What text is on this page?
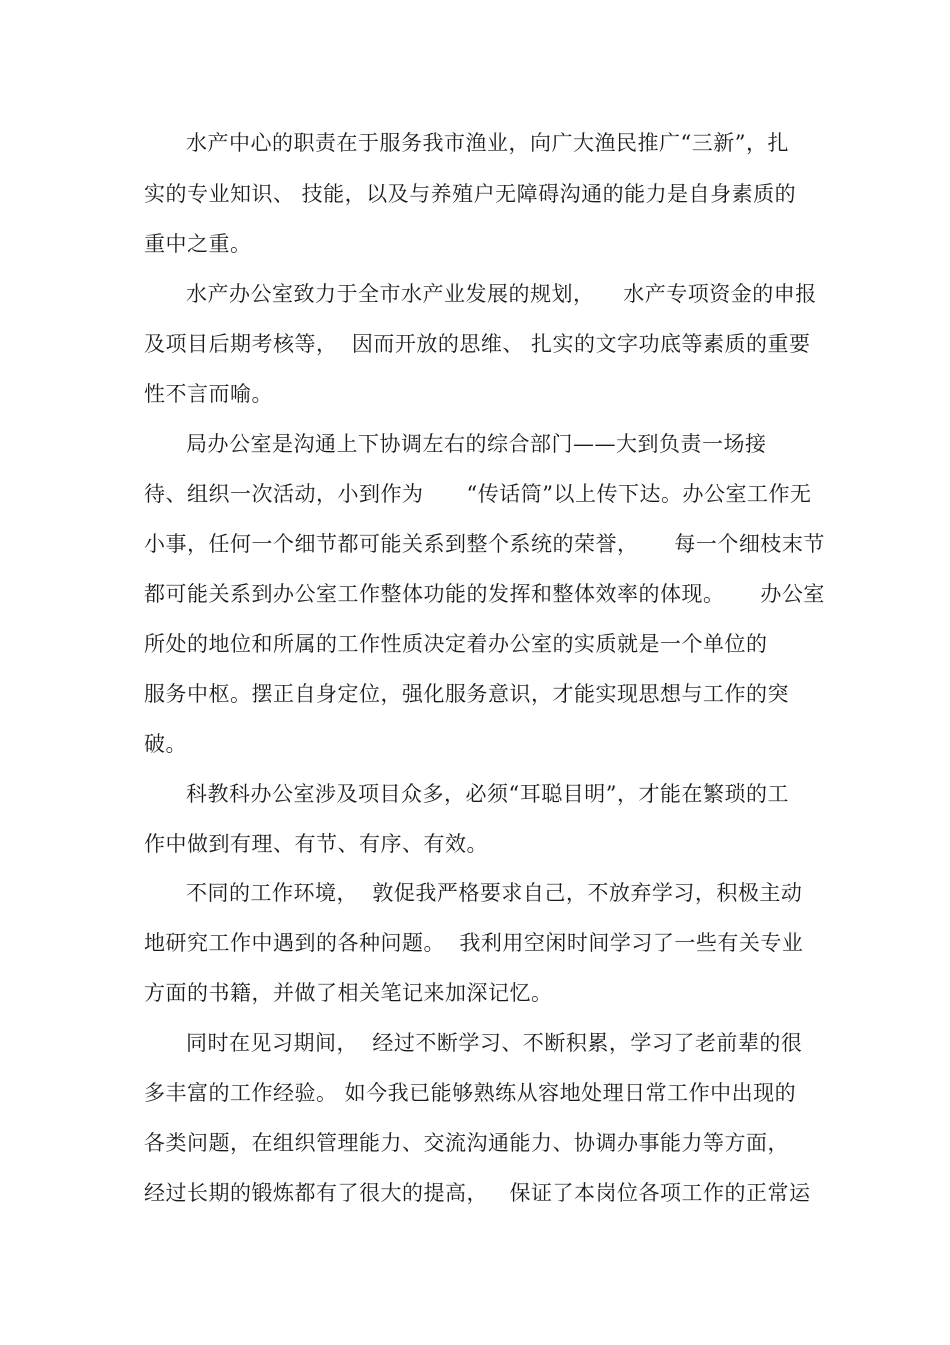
水产中心的职责在于服务我市渔业，向广大渔民推广“三新”，扎
实的专业知识、 技能，以及与养殖户无障碍沟通的能力是自身素质的
重中之重。
水产办公室致力于全市水产业发展的规划，    水产专项资金的申报
及项目后期考核等，  因而开放的思维、 扎实的文字功底等素质的重要
性不言而喻。
局办公室是沟通上下协调左右的综合部门——大到负责一场接
待、组织一次活动，小到作为      “传话筒”以上传下达。办公室工作无
小事，任何一个细节都可能关系到整个系统的荣誉，     每一个细枝末节
都可能关系到办公室工作整体功能的发挥和整体效率的体现。     办公室
所处的地位和所属的工作性质决定着办公室的实质就是一个单位的
服务中枢。摆正自身定位，强化服务意识，才能实现思想与工作的突
破。
科教科办公室涉及项目众多，必须“耳聪目明”，才能在繁琐的工
作中做到有理、有节、有序、有效。
不同的工作环境，  敦促我严格要求自己，不放弃学习，积极主动
地研究工作中遇到的各种问题。  我利用空闲时间学习了一些有关专业
方面的书籍，并做了相关笔记来加深记忆。
同时在见习期间，  经过不断学习、不断积累，学习了老前辈的很
多丰富的工作经验。 如今我已能够熟练从容地处理日常工作中出现的
各类问题，在组织管理能力、交流沟通能力、协调办事能力等方面，
经过长期的锻炼都有了很大的提高，   保证了本岗位各项工作的正常运
